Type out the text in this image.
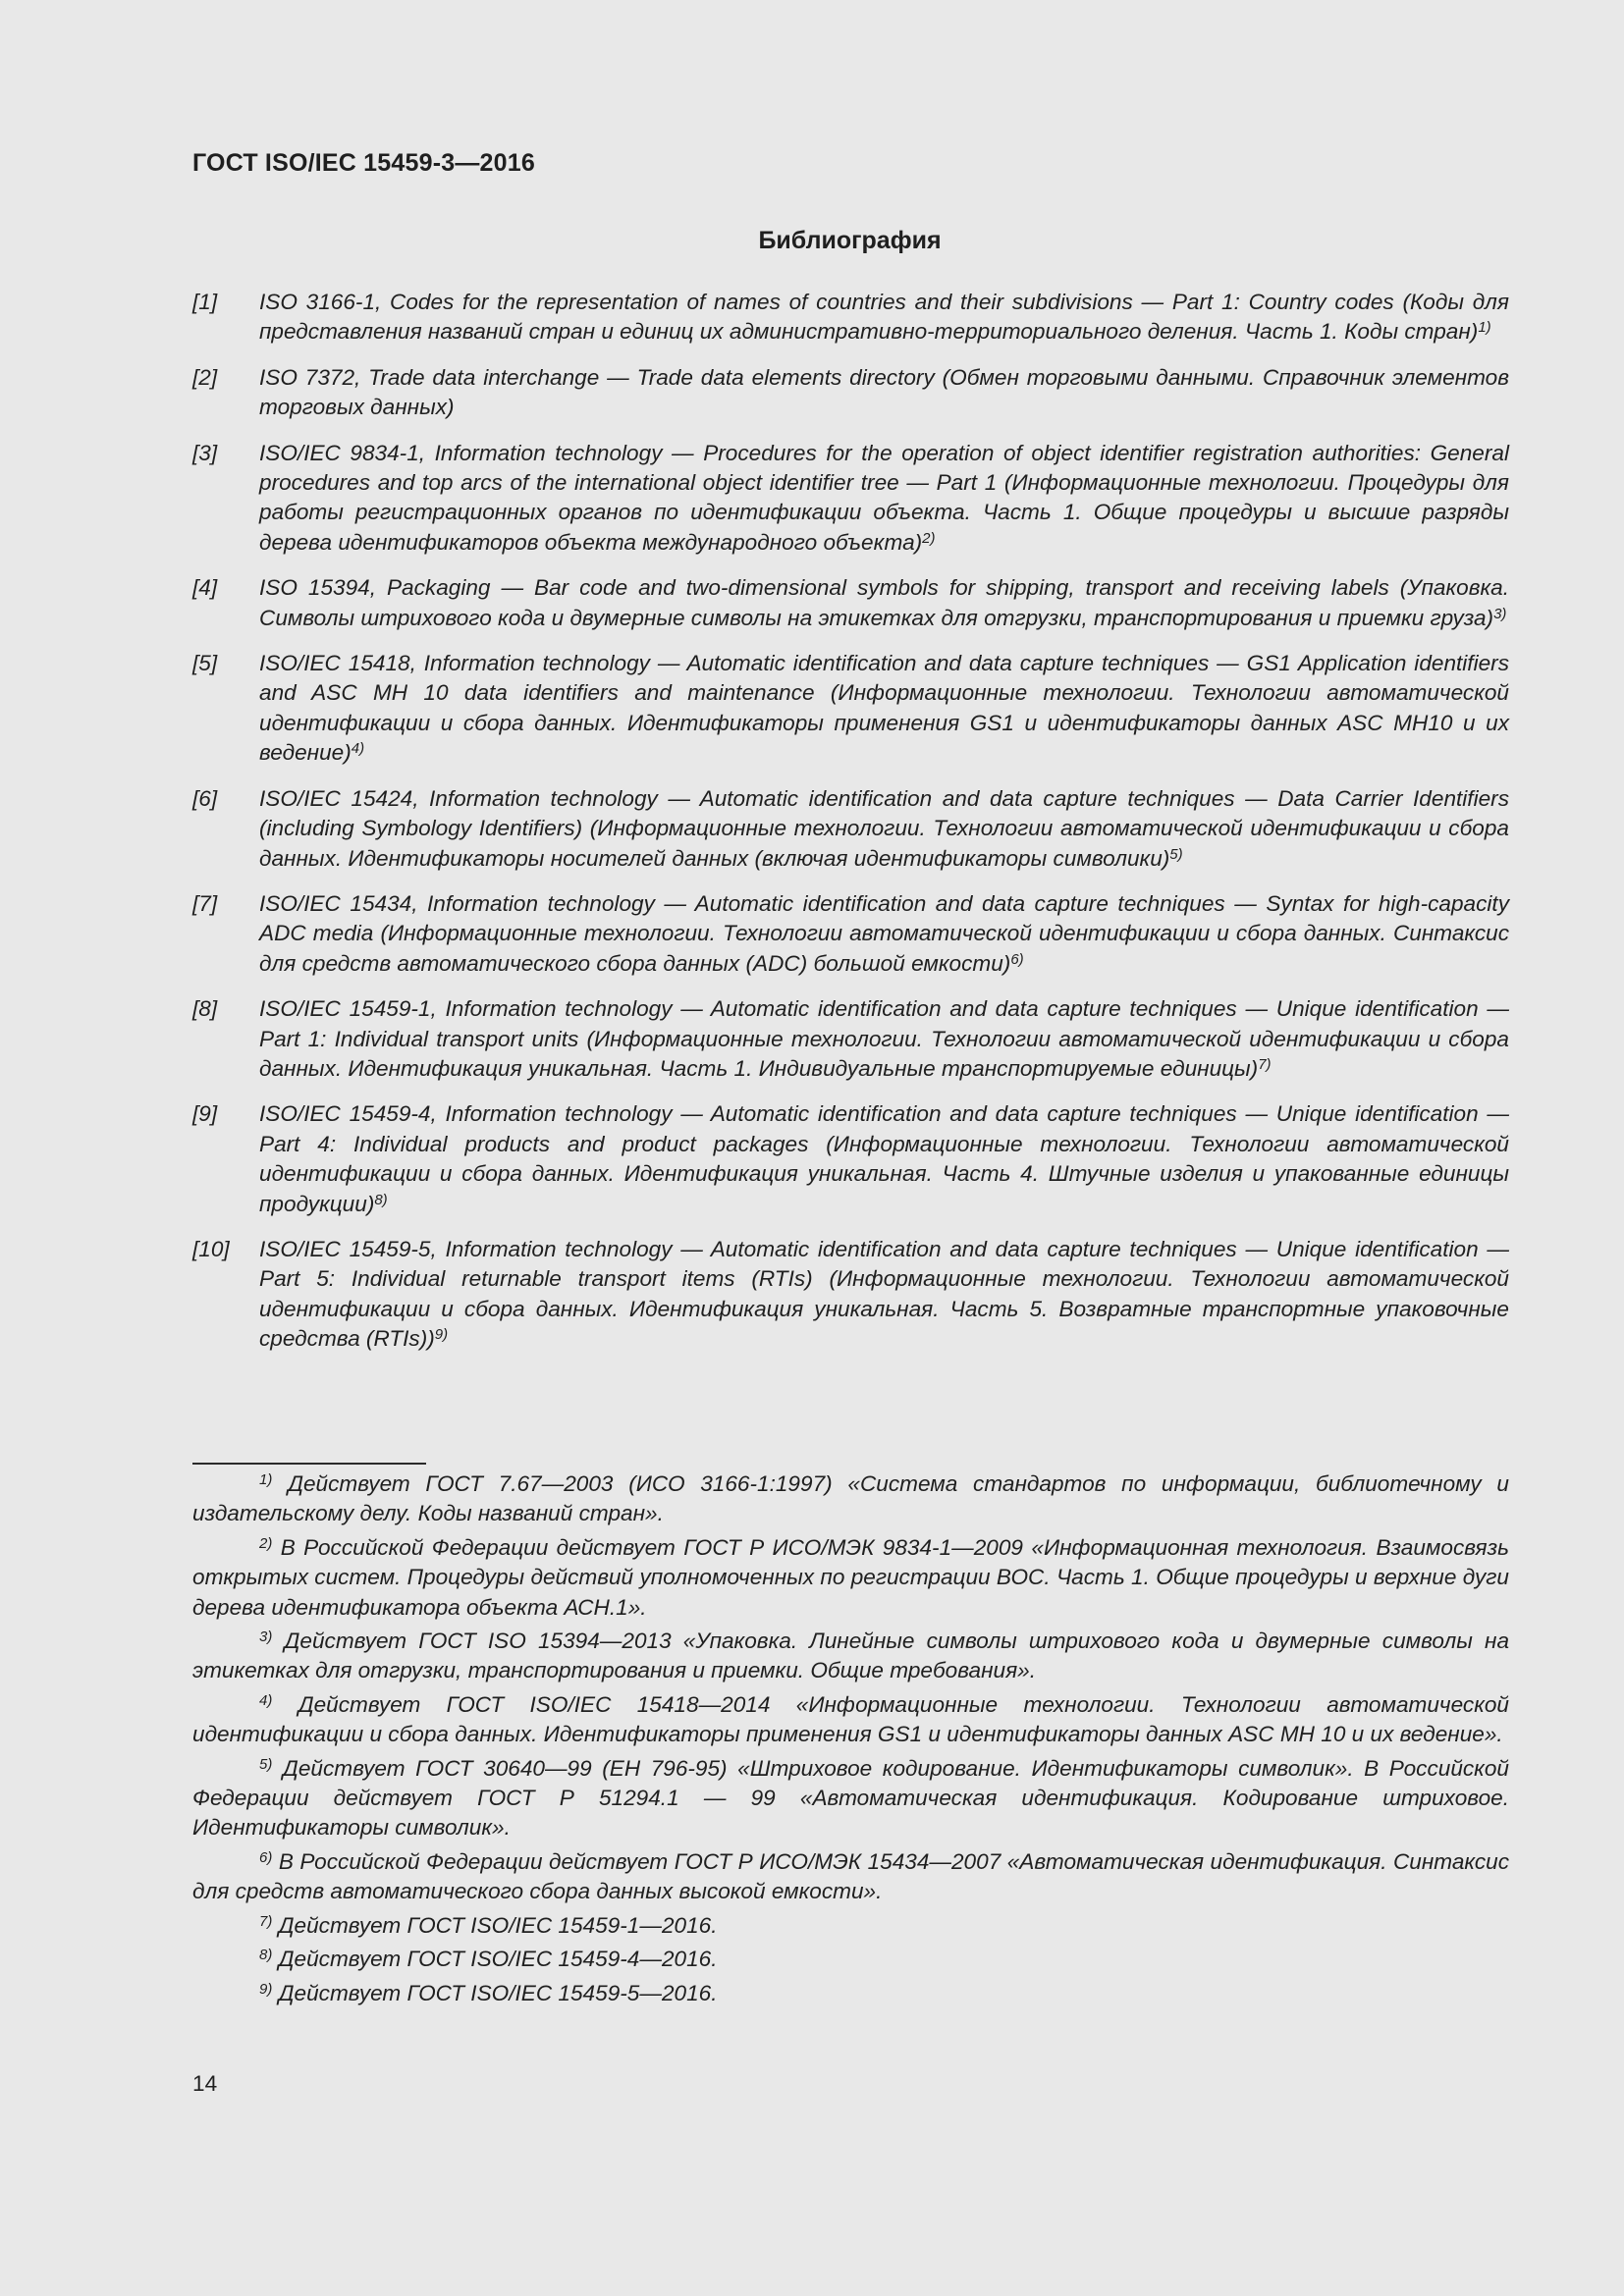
ГОСТ ISO/IEC 15459-3—2016
Библиография
[1]	ISO 3166-1, Codes for the representation of names of countries and their subdivisions — Part 1: Country codes (Коды для представления названий стран и единиц их административно-территориального деления. Часть 1. Коды стран)$^{1)}$
[2]	ISO 7372, Trade data interchange — Trade data elements directory (Обмен торговыми данными. Справочник элементов торговых данных)
[3]	ISO/IEC 9834-1, Information technology — Procedures for the operation of object identifier registration authorities: General procedures and top arcs of the international object identifier tree — Part 1 (Информационные технологии. Процедуры для работы регистрационных органов по идентификации объекта. Часть 1. Общие процедуры и высшие разряды дерева идентификаторов объекта международного объекта)$^{2)}$
[4]	ISO 15394, Packaging — Bar code and two-dimensional symbols for shipping, transport and receiving labels (Упаковка. Символы штрихового кода и двумерные символы на этикетках для отгрузки, транспортирования и приемки груза)$^{3)}$
[5]	ISO/IEC 15418, Information technology — Automatic identification and data capture techniques — GS1 Application identifiers and ASC MH 10 data identifiers and maintenance (Информационные технологии. Технологии автоматической идентификации и сбора данных. Идентификаторы применения GS1 и идентификаторы данных ASC MH10 и их ведение)$^{4)}$
[6]	ISO/IEC 15424, Information technology — Automatic identification and data capture techniques — Data Carrier Identifiers (including Symbology Identifiers) (Информационные технологии. Технологии автоматической идентификации и сбора данных. Идентификаторы носителей данных (включая идентификаторы символики)$^{5)}$
[7]	ISO/IEC 15434, Information technology — Automatic identification and data capture techniques — Syntax for high-capacity ADC media (Информационные технологии. Технологии автоматической идентификации и сбора данных. Синтаксис для средств автоматического сбора данных (ADC) большой емкости)$^{6)}$
[8]	ISO/IEC 15459-1, Information technology — Automatic identification and data capture techniques — Unique identification — Part 1: Individual transport units (Информационные технологии. Технологии автоматической идентификации и сбора данных. Идентификация уникальная. Часть 1. Индивидуальные транспортируемые единицы)$^{7)}$
[9]	ISO/IEC 15459-4, Information technology — Automatic identification and data capture techniques — Unique identification — Part 4: Individual products and product packages (Информационные технологии. Технологии автоматической идентификации и сбора данных. Идентификация уникальная. Часть 4. Штучные изделия и упакованные единицы продукции)$^{8)}$
[10]	ISO/IEC 15459-5, Information technology — Automatic identification and data capture techniques — Unique identification — Part 5: Individual returnable transport items (RTIs) (Информационные технологии. Технологии автоматической идентификации и сбора данных. Идентификация уникальная. Часть 5. Возвратные транспортные упаковочные средства (RTIs))$^{9)}$
$^{1)}$ Действует ГОСТ 7.67—2003 (ИСО 3166-1:1997) «Система стандартов по информации, библиотечному и издательскому делу. Коды названий стран».
$^{2)}$ В Российской Федерации действует ГОСТ Р ИСО/МЭК 9834-1—2009 «Информационная технология. Взаимосвязь открытых систем. Процедуры действий уполномоченных по регистрации ВОС. Часть 1. Общие процедуры и верхние дуги дерева идентификатора объекта АСН.1».
$^{3)}$ Действует ГОСТ ISO 15394—2013 «Упаковка. Линейные символы штрихового кода и двумерные символы на этикетках для отгрузки, транспортирования и приемки. Общие требования».
$^{4)}$ Действует ГОСТ ISO/IEC 15418—2014 «Информационные технологии. Технологии автоматической идентификации и сбора данных. Идентификаторы применения GS1 и идентификаторы данных ASC MH 10 и их ведение».
$^{5)}$ Действует ГОСТ 30640—99 (ЕН 796-95) «Штриховое кодирование. Идентификаторы символик». В Российской Федерации действует ГОСТ Р 51294.1 — 99 «Автоматическая идентификация. Кодирование штриховое. Идентификаторы символик».
$^{6)}$ В Российской Федерации действует ГОСТ Р ИСО/МЭК 15434—2007 «Автоматическая идентификация. Синтаксис для средств автоматического сбора данных высокой емкости».
$^{7)}$ Действует ГОСТ ISO/IEC 15459-1—2016.
$^{8)}$ Действует ГОСТ ISO/IEC 15459-4—2016.
$^{9)}$ Действует ГОСТ ISO/IEC 15459-5—2016.
14
